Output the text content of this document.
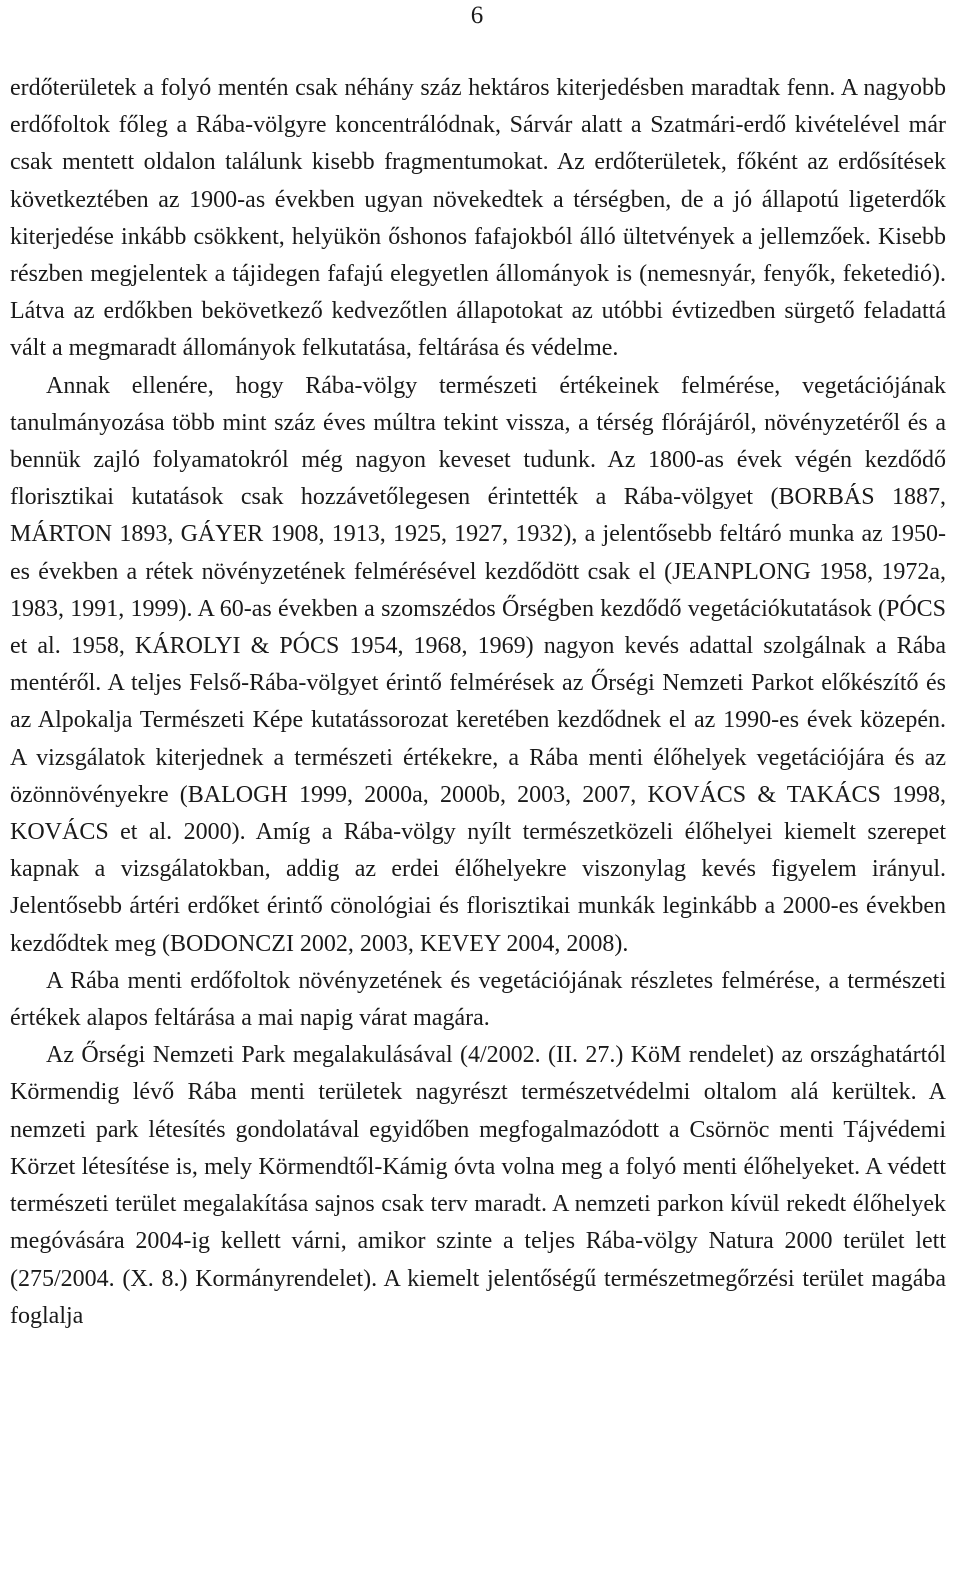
6

erdőterületek a folyó mentén csak néhány száz hektáros kiterjedésben maradtak fenn. A nagyobb erdőfoltok főleg a Rába-völgyre koncentrálódnak, Sárvár alatt a Szatmári-erdő kivételével már csak mentett oldalon találunk kisebb fragmentumokat. Az erdőterületek, főként az erdősítések következtében az 1900-as években ugyan növekedtek a térségben, de a jó állapotú ligeterdők kiterjedése inkább csökkent, helyükön őshonos fafajokból álló ültetvények a jellemzőek. Kisebb részben megjelentek a tájidegen fafajú elegyetlen állományok is (nemesnyár, fenyők, feketedió). Látva az erdőkben bekövetkező kedvezőtlen állapotokat az utóbbi évtizedben sürgető feladattá vált a megmaradt állományok felkutatása, feltárása és védelme.

Annak ellenére, hogy Rába-völgy természeti értékeinek felmérése, vegetációjának tanulmányozása több mint száz éves múltra tekint vissza, a térség flórájáról, növényzetéről és a bennük zajló folyamatokról még nagyon keveset tudunk. Az 1800-as évek végén kezdődő florisztikai kutatások csak hozzávetőlegesen érintették a Rába-völgyet (BORBÁS 1887, MÁRTON 1893, GÁYER 1908, 1913, 1925, 1927, 1932), a jelentősebb feltáró munka az 1950-es években a rétek növényzetének felmérésével kezdődött csak el (JEANPLONG 1958, 1972a, 1983, 1991, 1999). A 60-as években a szomszédos Őrségben kezdődő vegetációkutatások (PÓCS et al. 1958, KÁROLYI & PÓCS 1954, 1968, 1969) nagyon kevés adattal szolgálnak a Rába mentéről. A teljes Felső-Rába-völgyet érintő felmérések az Őrségi Nemzeti Parkot előkészítő és az Alpokalja Természeti Képe kutatássorozat keretében kezdődnek el az 1990-es évek közepén. A vizsgálatok kiterjednek a természeti értékekre, a Rába menti élőhelyek vegetációjára és az özönnövényekre (BALOGH 1999, 2000a, 2000b, 2003, 2007, KOVÁCS & TAKÁCS 1998, KOVÁCS et al. 2000). Amíg a Rába-völgy nyílt természetközeli élőhelyei kiemelt szerepet kapnak a vizsgálatokban, addig az erdei élőhelyekre viszonylag kevés figyelem irányul. Jelentősebb ártéri erdőket érintő cönológiai és florisztikai munkák leginkább a 2000-es években kezdődtek meg (BODONCZI 2002, 2003, KEVEY 2004, 2008).

A Rába menti erdőfoltok növényzetének és vegetációjának részletes felmérése, a természeti értékek alapos feltárása a mai napig várat magára.

Az Őrségi Nemzeti Park megalakulásával (4/2002. (II. 27.) KöM rendelet) az országhatártól Körmendig lévő Rába menti területek nagyrészt természetvédelmi oltalom alá kerültek. A nemzeti park létesítés gondolatával egyidőben megfogalmazódott a Csörnöc menti Tájvédemi Körzet létesítése is, mely Körmendtől-Kámig óvta volna meg a folyó menti élőhelyeket. A védett természeti terület megalakítása sajnos csak terv maradt. A nemzeti parkon kívül rekedt élőhelyek megóvására 2004-ig kellett várni, amikor szinte a teljes Rába-völgy Natura 2000 terület lett (275/2004. (X. 8.) Kormányrendelet). A kiemelt jelentőségű természetmegőrzési terület magába foglalja
